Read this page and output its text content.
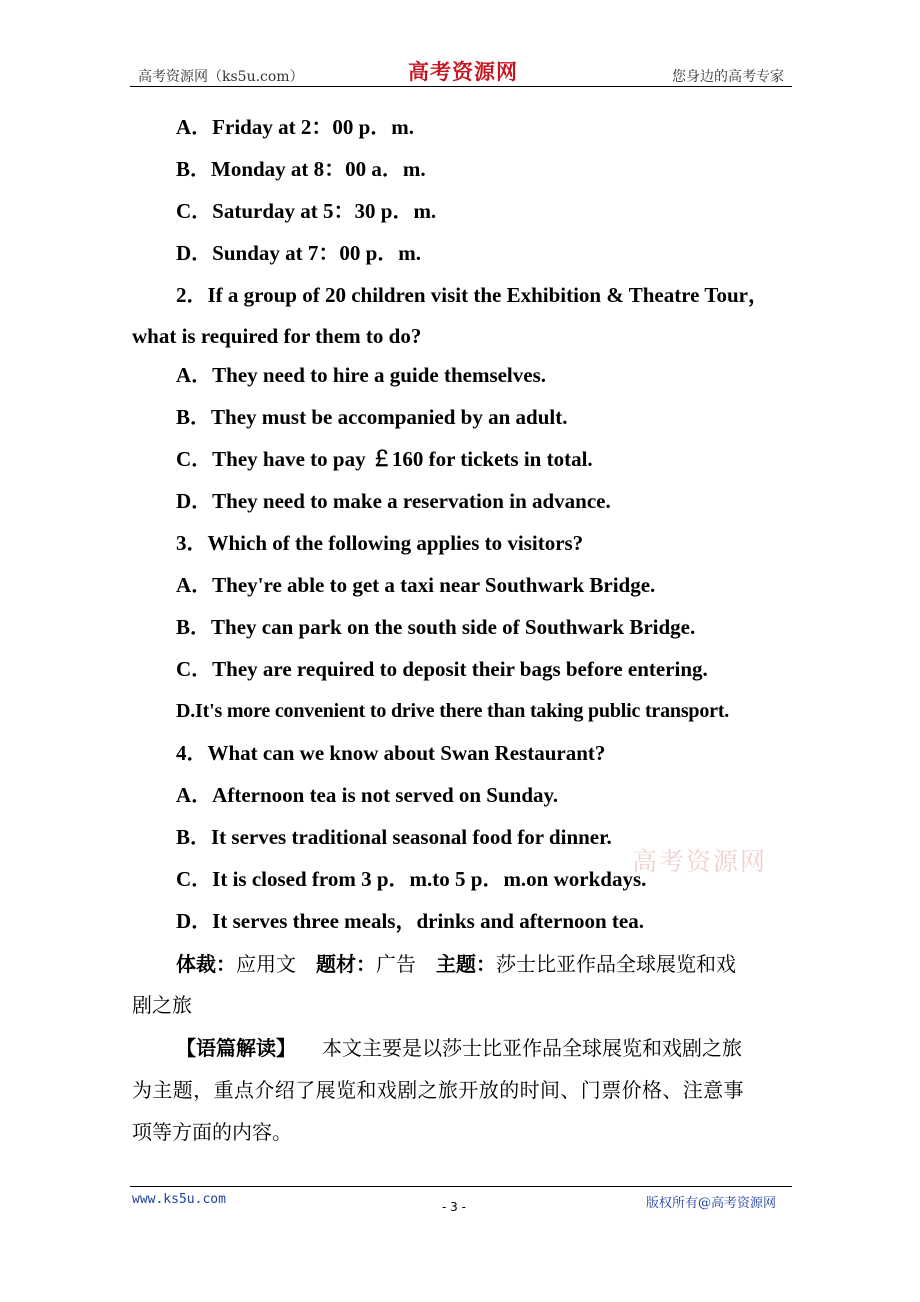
高考资源网（ks5u.com）	高考资源网	您身边的高考专家
A．Friday at 2：00 p．m.
B．Monday at 8：00 a．m.
C．Saturday at 5：30 p．m.
D．Sunday at 7：00 p．m.
2．If a group of 20 children visit the Exhibition & Theatre Tour，
what is required for them to do?
A．They need to hire a guide themselves.
B．They must be accompanied by an adult.
C．They have to pay ￡160 for tickets in total.
D．They need to make a reservation in advance.
3．Which of the following applies to visitors?
A．They're able to get a taxi near Southwark Bridge.
B．They can park on the south side of Southwark Bridge.
C．They are required to deposit their bags before entering.
D.It's more convenient to drive there than taking public transport.
4．What can we know about Swan Restaurant?
A．Afternoon tea is not served on Sunday.
B．It serves traditional seasonal food for dinner.
C．It is closed from 3 p．m.to 5 p．m.on workdays.
D．It serves three meals，drinks and afternoon tea.
高考资源网
体裁：应用文 题材：广告 主题：莎士比亚作品全球展览和戏
剧之旅
【语篇解读】 本文主要是以莎士比亚作品全球展览和戏剧之旅
为主题，重点介绍了展览和戏剧之旅开放的时间、门票价格、注意事
项等方面的内容。
www.ks5u.com	- 3 -	版权所有@高考资源网
